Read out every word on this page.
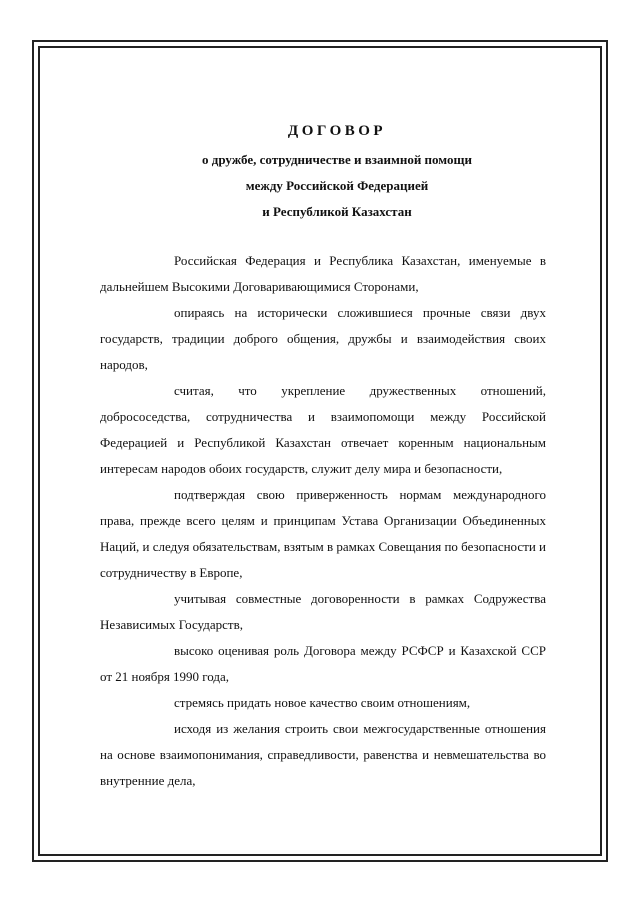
ДОГОВОР
о дружбе, сотрудничестве и взаимной помощи
между Российской Федерацией
и Республикой Казахстан

Российская Федерация и Республика Казахстан, именуемые в дальнейшем Высокими Договаривающимися Сторонами,

опираясь на исторически сложившиеся прочные связи двух государств, традиции доброго общения, дружбы и взаимодействия своих народов,

считая, что укрепление дружественных отношений, добрососедства, сотрудничества и взаимопомощи между Российской Федерацией и Республикой Казахстан отвечает коренным национальным интересам народов обоих государств, служит делу мира и безопасности,

подтверждая свою приверженность нормам международного права, прежде всего целям и принципам Устава Организации Объединенных Наций, и следуя обязательствам, взятым в рамках Совещания по безопасности и сотрудничеству в Европе,

учитывая совместные договоренности в рамках Содружества Независимых Государств,

высоко оценивая роль Договора между РСФСР и Казахской ССР от 21 ноября 1990 года,

стремясь придать новое качество своим отношениям,

исходя из желания строить свои межгосударственные отношения на основе взаимопонимания, справедливости, равенства и невмешательства во внутренние дела,
